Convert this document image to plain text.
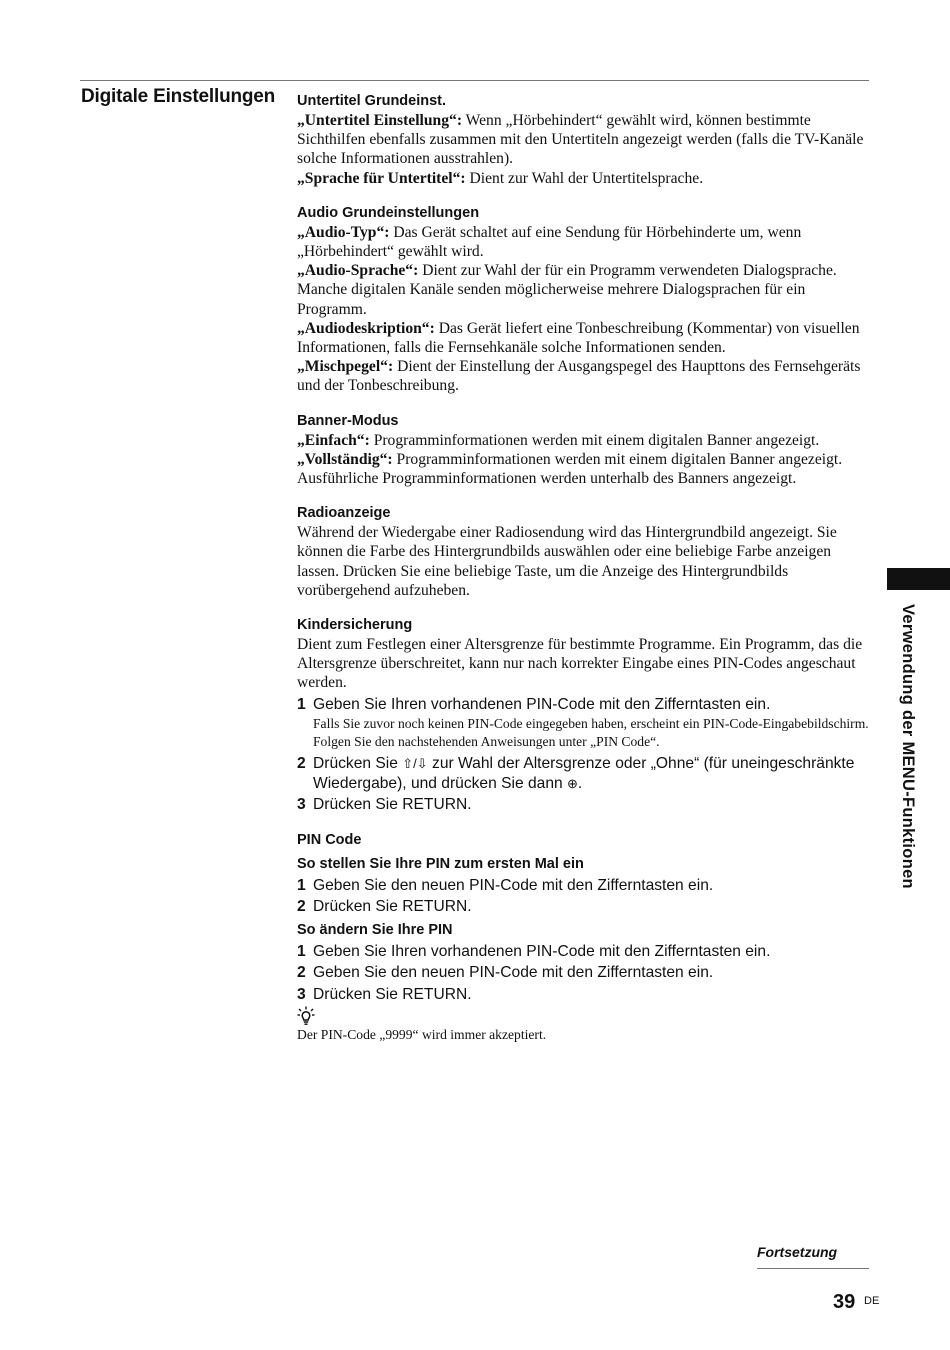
Digitale Einstellungen Untertitel Grundeinst.

„Untertitel Einstellung“: Wenn „Hörbehindert“ gewählt wird, können bestimmte Sichthilfen ebenfalls zusammen mit den Untertiteln angezeigt werden (falls die TV-Kanäle solche Informationen ausstrahlen).

„Sprache für Untertitel“: Dient zur Wahl der Untertitelsprache.

Audio Grundeinstellungen

„Audio-Typ“: Das Gerät schaltet auf eine Sendung für Hörbehinderte um, wenn „Hörbehindert“ gewählt wird.

„Audio-Sprache“: Dient zur Wahl der für ein Programm verwendeten Dialogsprache. Manche digitalen Kanäle senden möglicherweise mehrere Dialogsprachen für ein Programm.

„Audiodeskription“: Das Gerät liefert eine Tonbeschreibung (Kommentar) von visuellen Informationen, falls die Fernsehkanäle solche Informationen senden.

„Mischpegel“: Dient der Einstellung der Ausgangspegel des Haupttons des Fernsehgeräts und der Tonbeschreibung.

Banner-Modus

„Einfach“: Programminformationen werden mit einem digitalen Banner angezeigt.

„Vollständig“: Programminformationen werden mit einem digitalen Banner angezeigt. Ausführliche Programminformationen werden unterhalb des Banners angezeigt.

Radioanzeige

Während der Wiedergabe einer Radiosendung wird das Hintergrundbild angezeigt. Sie können die Farbe des Hintergrundbilds auswählen oder eine beliebige Farbe anzeigen lassen. Drücken Sie eine beliebige Taste, um die Anzeige des Hintergrundbilds vorübergehend aufzuheben.

Kindersicherung

Dient zum Festlegen einer Altersgrenze für bestimmte Programme. Ein Programm, das die Altersgrenze überschreitet, kann nur nach korrekter Eingabe eines PIN-Codes angeschaut werden.

1 Geben Sie Ihren vorhandenen PIN-Code mit den Zifferntasten ein.

Falls Sie zuvor noch keinen PIN-Code eingegeben haben, erscheint ein PIN-Code-Eingabebildschirm. Folgen Sie den nachstehenden Anweisungen unter „PIN Code“.

2 Drücken Sie ⇧/⇩ zur Wahl der Altersgrenze oder „Ohne“ (für uneingeschränkte Wiedergabe), und drücken Sie dann ⊕.
3 Drücken Sie RETURN.

PIN Code

So stellen Sie Ihre PIN zum ersten Mal ein

1 Geben Sie den neuen PIN-Code mit den Zifferntasten ein.
2 Drücken Sie RETURN.

So ändern Sie Ihre PIN

1 Geben Sie Ihren vorhandenen PIN-Code mit den Zifferntasten ein.
2 Geben Sie den neuen PIN-Code mit den Zifferntasten ein.
3 Drücken Sie RETURN.

Der PIN-Code „9999“ wird immer akzeptiert.

Verwendung der MENU-Funktionen
Fortsetzung
39 DE
